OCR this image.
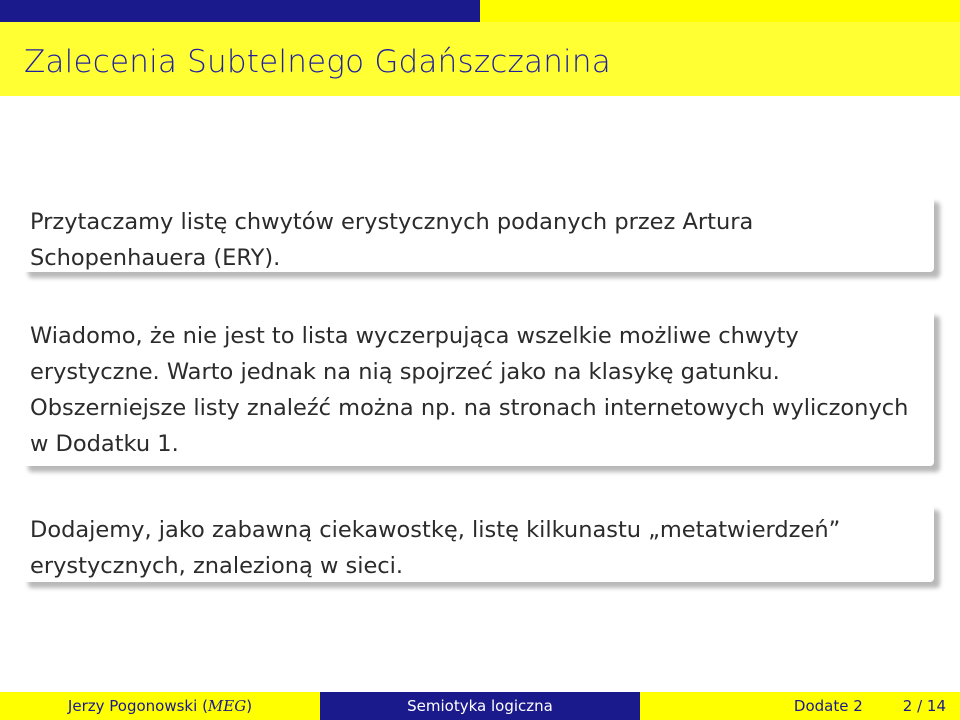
Zalecenia Subtelnego Gdańszczanina

Przytaczamy listę chwytów erystycznych podanych przez Artura Schopenhauera (ERY).

Wiadomo, że nie jest to lista wyczerpująca wszelkie możliwe chwyty erystyczne. Warto jednak na nią spojrzeć jako na klasykę gatunku. Obszerniejsze listy znaleźć można np. na stronach internetowych wyliczonych w Dodatku 1.

Dodajemy, jako zabawną ciekawostkę, listę kilkunastu „metatwierdzeń” erystycznych, znalezioną w sieci.

Jerzy Pogonowski (MEG)	Semiotyka logiczna	Dodate 2	2 / 14
